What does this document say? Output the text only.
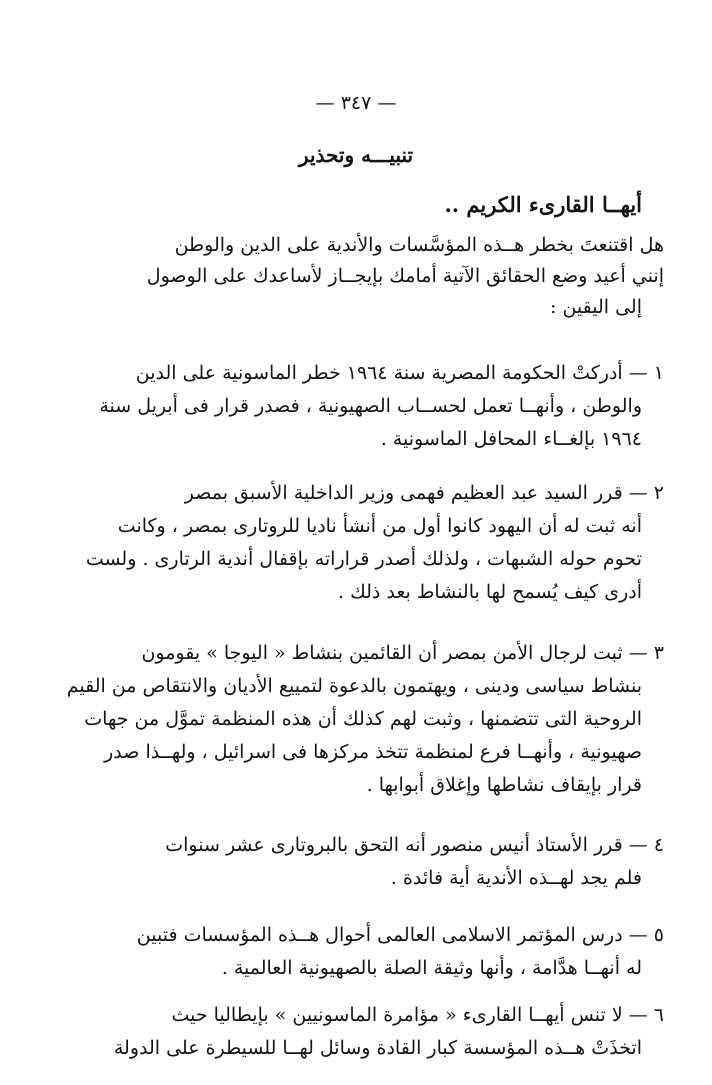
— ٣٤٧ —
تنبيـــه وتحذير
أيهــا القارىء الكريم ..
هل اقتنعتَ بخطر هــذه المؤسَّسات والأندية على الدين والوطن
إنني أعيد وضع الحقائق الآتية أمامك بإيجــاز لأساعدك على الوصول
إلى اليقين :
١ — أدركتْ الحكومة المصرية سنة ١٩٦٤ خطر الماسونية على الدين
والوطن ، وأنهــا تعمل لحســاب الصهيونية ، فصدر قرار فى أبريل سنة
١٩٦٤ بإلغــاء المحافل الماسونية .
٢ — قرر السيد عبد العظيم فهمى وزير الداخلية الأسبق بمصر
أنه ثبت له أن اليهود كانوا أول من أنشأ ناديا للروتارى بمصر ، وكانت
تحوم حوله الشبهات ، ولذلك أصدر قراراته بإقفال أندية الرتارى . ولست
أدرى كيف يُسمح لها بالنشاط بعد ذلك .
٣ — ثبت لرجال الأمن بمصر أن القائمين بنشاط « اليوجا » يقومون
بنشاط سياسى ودينى ، ويهتمون بالدعوة لتمييع الأديان والانتقاص من القيم
الروحية التى تتضمنها ، وثبت لهم كذلك أن هذه المنظمة تموَّل من جهات
صهيونية ، وأنهــا فرع لمنظمة تتخذ مركزها فى اسرائيل ، ولهــذا صدر
قرار بإيقاف نشاطها وإغلاق أبوابها .
٤ — قرر الأستاذ أنيس منصور أنه التحق بالبروتارى عشر سنوات
فلم يجد لهــذه الأندية أية فائدة .
٥ — درس المؤتمر الاسلامى العالمى أحوال هــذه المؤسسات فتبين
له أنهــا هدَّامة ، وأنها وثيقة الصلة بالصهيونية العالمية .
٦ — لا تنس أيهــا القارىء « مؤامرة الماسونيين » بإيطاليا حيث
اتخذَتْ هــذه المؤسسة كبار القادة وسائل لهــا للسيطرة على الدولة
